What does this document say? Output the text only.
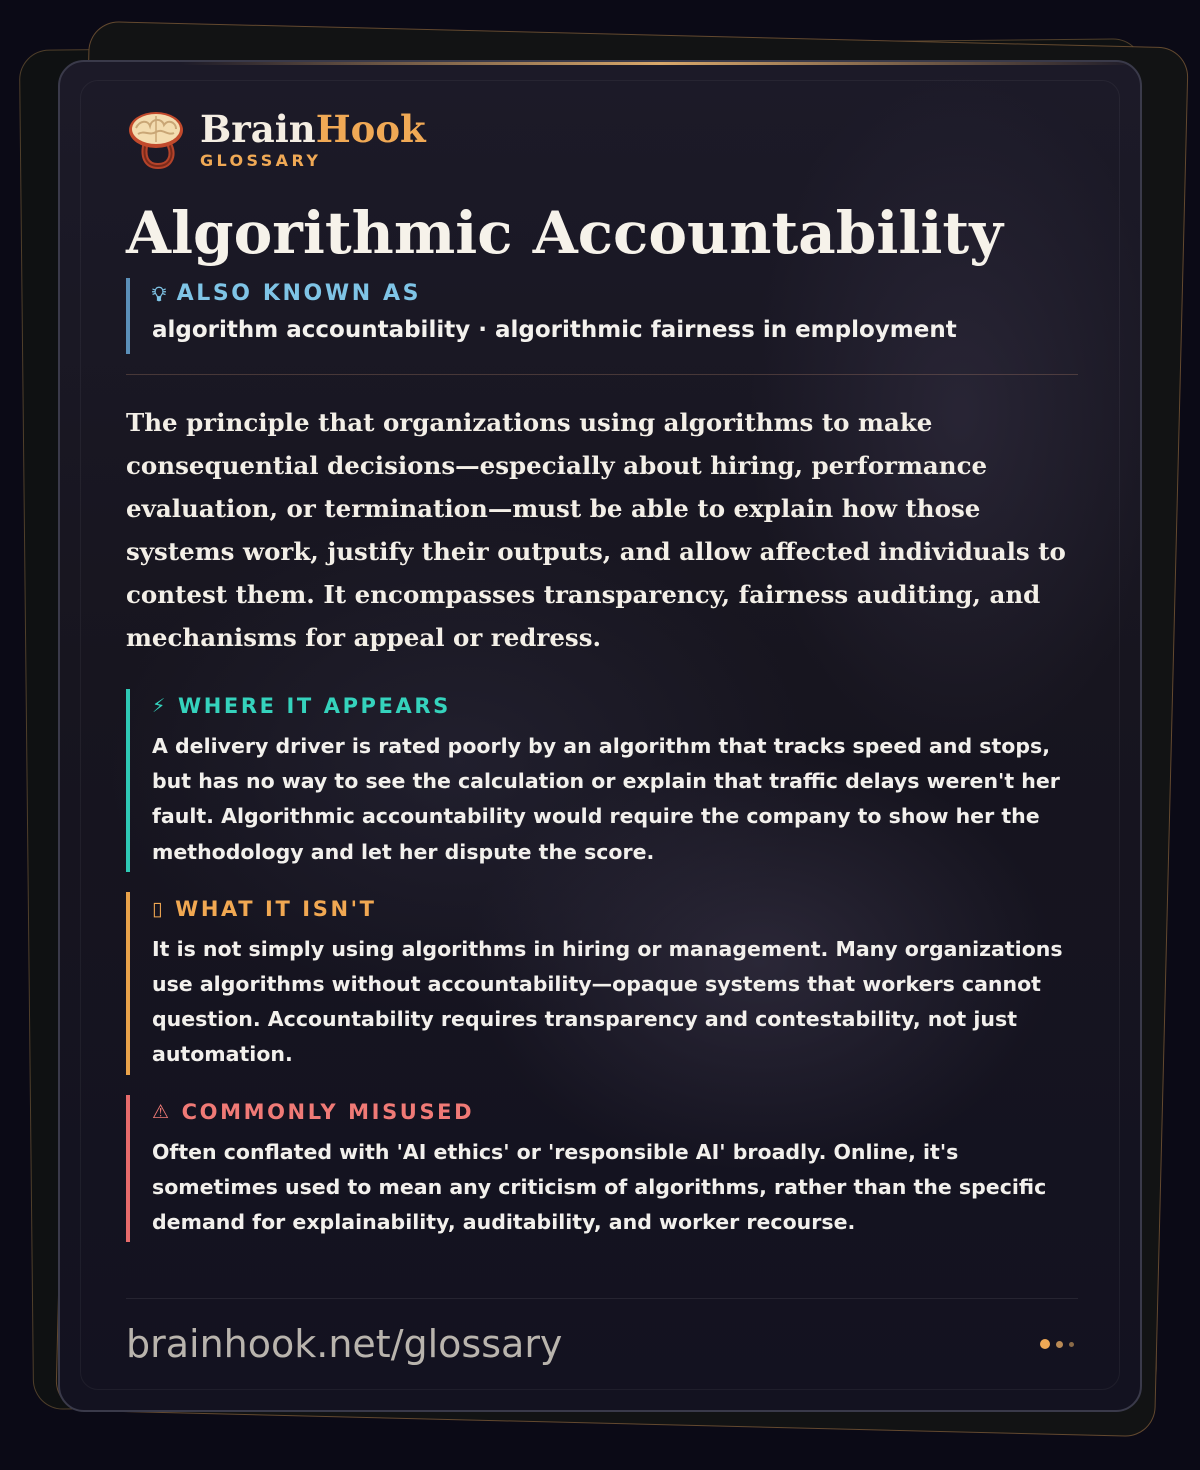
BrainHook
GLOSSARY
Algorithmic Accountability
💡︎ ALSO KNOWN AS
algorithm accountability · algorithmic fairness in employment

The principle that organizations using algorithms to make consequential decisions—especially about hiring, performance evaluation, or termination—must be able to explain how those systems work, justify their outputs, and allow affected individuals to contest them. It encompasses transparency, fairness auditing, and mechanisms for appeal or redress.

⚡ WHERE IT APPEARS
A delivery driver is rated poorly by an algorithm that tracks speed and stops, but has no way to see the calculation or explain that traffic delays weren't her fault. Algorithmic accountability would require the company to show her the methodology and let her dispute the score.
▯ WHAT IT ISN'T
It is not simply using algorithms in hiring or management. Many organizations use algorithms without accountability—opaque systems that workers cannot question. Accountability requires transparency and contestability, not just automation.
⚠ COMMONLY MISUSED
Often conflated with 'AI ethics' or 'responsible AI' broadly. Online, it's sometimes used to mean any criticism of algorithms, rather than the specific demand for explainability, auditability, and worker recourse.
brainhook.net/glossary
